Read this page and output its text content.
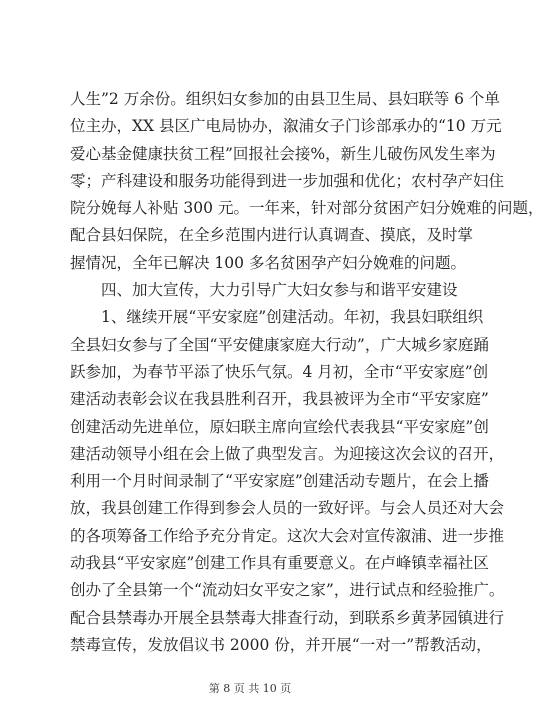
人生”2 万余份。组织妇女参加的由县卫生局、县妇联等 6 个单
位主办，XX 县区广电局协办，溆浦女子门诊部承办的“10 万元
爱心基金健康扶贫工程”回报社会接%，新生儿破伤风发生率为
零；产科建设和服务功能得到进一步加强和优化；农村孕产妇住
院分娩每人补贴 300 元。一年来，针对部分贫困产妇分娩难的问题，
配合县妇保院，在全乡范围内进行认真调查、摸底，及时掌
握情况，全年已解决 100 多名贫困孕产妇分娩难的问题。
　　四、加大宣传，大力引导广大妇女参与和谐平安建设
　　1、继续开展“平安家庭”创建活动。年初，我县妇联组织
全县妇女参与了全国“平安健康家庭大行动”，广大城乡家庭踊
跃参加，为春节平添了快乐气氛。4 月初，全市“平安家庭”创
建活动表彰会议在我县胜利召开，我县被评为全市“平安家庭”
创建活动先进单位，原妇联主席向宣绘代表我县“平安家庭”创
建活动领导小组在会上做了典型发言。为迎接这次会议的召开，
利用一个月时间录制了“平安家庭”创建活动专题片，在会上播
放，我县创建工作得到参会人员的一致好评。与会人员还对大会
的各项筹备工作给予充分肯定。这次大会对宣传溆浦、进一步推
动我县“平安家庭”创建工作具有重要意义。在卢峰镇幸福社区
创办了全县第一个“流动妇女平安之家”，进行试点和经验推广。
配合县禁毒办开展全县禁毒大排查行动，到联系乡黄茅园镇进行
禁毒宣传，发放倡议书 2000 份，并开展“一对一”帮教活动，
第 8 页 共 10 页
